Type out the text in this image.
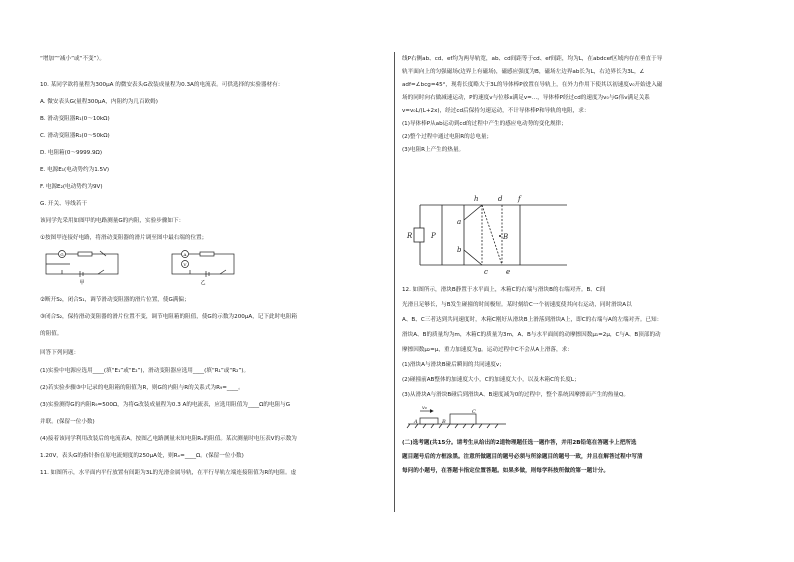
“增加”“减小”或“不变”）。
10. 某同学欲将量程为300μA 的微安表头G改装成量程为0.3A的电流表。可供选择的实验器材有：
A. 微安表头G(量程300μA，内阻约为几百欧姆)
B. 滑动变阻器R₁(0～10kΩ)
C. 滑动变阻器R₂(0～50kΩ)
D. 电阻箱(0～9999.9Ω)
E. 电源E₁(电动势约为1.5V)
F. 电源E₂(电动势约为9V)
G. 开关、导线若干
该同学先采用如图甲的电路测量G的内阻，实验步骤如下：
①按图甲连接好电路，将滑动变阻器的滑片调至图中最右端的位置；
G	A
V
甲	乙
②断开S₂，闭合S₁，调节滑动变阻器的滑片位置，使G满偏；
③闭合S₂，保持滑动变阻器的滑片位置不变，调节电阻箱的阻值，使G的示数为200μA，记下此时电阻箱
的阻值。
回答下列问题：
(1)实验中电源应选用____(填“E₁”或“E₂”)，滑动变阻器应选用____(填“R₁”或“R₂”)。
(2)若实验步骤③中记录的电阻箱的阻值为R，则G的内阻与R的关系式为R₉=____。
(3)实验测得G的内阻R₉=500Ω，为将G改装成量程为0.3 A的电流表，应选用阻值为____Ω的电阻与G
并联。(保留一位小数)
(4)接着该同学利用改装后的电流表A，按图乙电路测量未知电阻Rₓ的阻值。某次测量时电压表V的示数为
1.20V，表头G的指针指在原电流刻度的250μA处，则Rₓ=____Ω。(保留一位小数)
11. 如图所示，水平面内平行放置有间距为3L的光滑金属导轨，在平行导轨左端连接阻值为R的电阻。虚
线P右侧ab、cd、ef均为两导轨宽，ab、cd间距等于cd、ef间距，均为L，在abdcef区域内存在垂直于导
轨平面向上的匀强磁场(边界上有磁场)，磁感应强度为B，磁场左边界ab长为L，右边界长为3L，∠
adf=∠bcg=45°，现将长度略大于3L的导体棒P放置在导轨上，在外力作用下使其以初速度v₀开始进入磁
场的同时向右做减速运动，P的速度v与位移x满足v=...，导体棒P经过cd的速度为v₀与G伟v满足关系
v=v₀L/(L+2x)，经过cd后保持匀速运动，不计导体棒P和导轨的电阻，求：
(1)导体棒P从ab运动到cd的过程中产生的感应电动势的变化规律；
(2)整个过程中通过电阻R的总电量；
(3)电阻R上产生的热量。
h	d f
a
b
c	e
R	P	B
12. 如图所示，滑块B静置于水平面上，木箱C的右端与滑块B的右端对齐。B、C间
光滑且足够长，与B发生碰撞的时间极短。某时刻给C一个初速度使其向右运动，同时滑块A以
A、B、C三者达到共同速度时，木箱C刚好从滑块B上滑落到滑块A上，即C的右端与A的左端对齐。已知：
滑块A、B的质量均为m，木箱C的质量为3m，A、B与水平面间的动摩擦因数μ₁=2μ，C与A、B顶部的动
摩擦因数μ₂=μ，重力加速度为g。运动过程中C不会从A上滑落，求：
(1)滑块A与滑块B碰后瞬间的共同速度v；
(2)碰撞前AB整体的加速度大小，C的加速度大小，以及木箱C的长度L；
(3)从滑块A与滑块B碰后到滑块A、B速度减为0的过程中，整个系统因摩擦而产生的热量Q。
v₀
A	B
C
(二)选考题(共15分。请考生从给出的2道物理题任选一题作答，并用2B铅笔在答题卡上把所选
题目题号后的方框涂黑。注意所做题目的题号必须与所涂题目的题号一致，并且在解答过程中写清
每问的小题号，在答题卡指定位置答题。如果多做，则每学科按所做的第一题计分。
